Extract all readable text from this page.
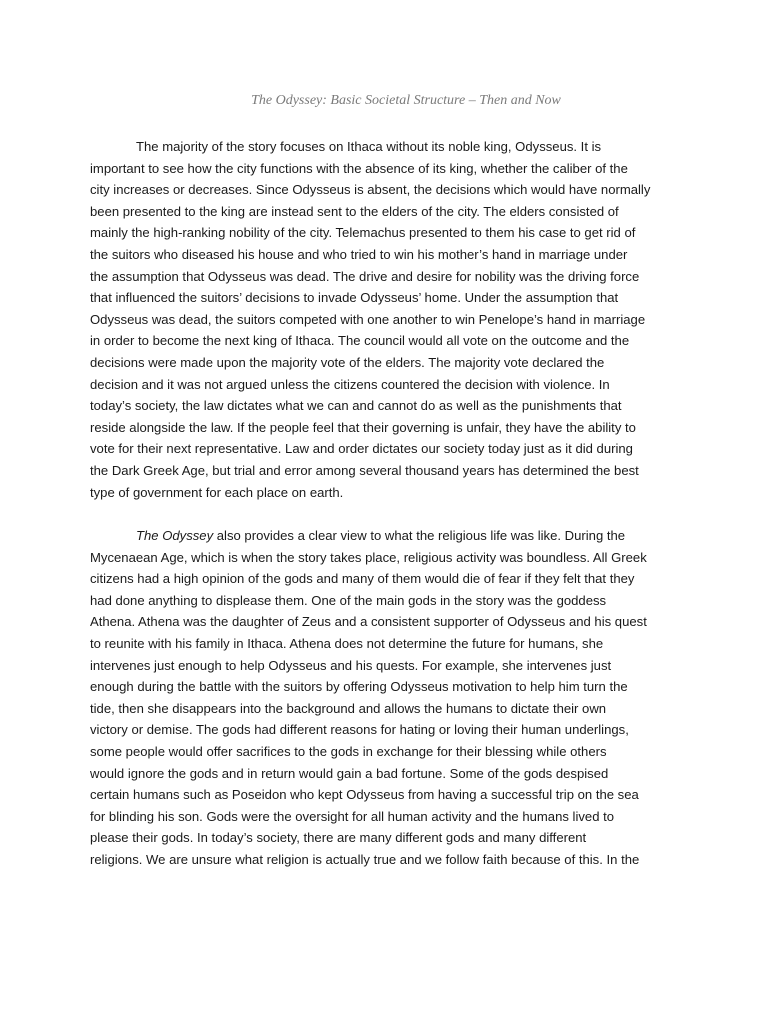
The Odyssey: Basic Societal Structure – Then and Now

The majority of the story focuses on Ithaca without its noble king, Odysseus. It is
important to see how the city functions with the absence of its king, whether the caliber of the
city increases or decreases. Since Odysseus is absent, the decisions which would have normally
been presented to the king are instead sent to the elders of the city. The elders consisted of
mainly the high-ranking nobility of the city. Telemachus presented to them his case to get rid of
the suitors who diseased his house and who tried to win his mother’s hand in marriage under
the assumption that Odysseus was dead. The drive and desire for nobility was the driving force
that influenced the suitors’ decisions to invade Odysseus’ home. Under the assumption that
Odysseus was dead, the suitors competed with one another to win Penelope’s hand in marriage
in order to become the next king of Ithaca. The council would all vote on the outcome and the
decisions were made upon the majority vote of the elders. The majority vote declared the
decision and it was not argued unless the citizens countered the decision with violence. In
today’s society, the law dictates what we can and cannot do as well as the punishments that
reside alongside the law. If the people feel that their governing is unfair, they have the ability to
vote for their next representative. Law and order dictates our society today just as it did during
the Dark Greek Age, but trial and error among several thousand years has determined the best
type of government for each place on earth.
The Odyssey also provides a clear view to what the religious life was like. During the
Mycenaean Age, which is when the story takes place, religious activity was boundless. All Greek
citizens had a high opinion of the gods and many of them would die of fear if they felt that they
had done anything to displease them. One of the main gods in the story was the goddess
Athena. Athena was the daughter of Zeus and a consistent supporter of Odysseus and his quest
to reunite with his family in Ithaca. Athena does not determine the future for humans, she
intervenes just enough to help Odysseus and his quests. For example, she intervenes just
enough during the battle with the suitors by offering Odysseus motivation to help him turn the
tide, then she disappears into the background and allows the humans to dictate their own
victory or demise. The gods had different reasons for hating or loving their human underlings,
some people would offer sacrifices to the gods in exchange for their blessing while others
would ignore the gods and in return would gain a bad fortune. Some of the gods despised
certain humans such as Poseidon who kept Odysseus from having a successful trip on the sea
for blinding his son. Gods were the oversight for all human activity and the humans lived to
please their gods. In today’s society, there are many different gods and many different
religions. We are unsure what religion is actually true and we follow faith because of this. In the
